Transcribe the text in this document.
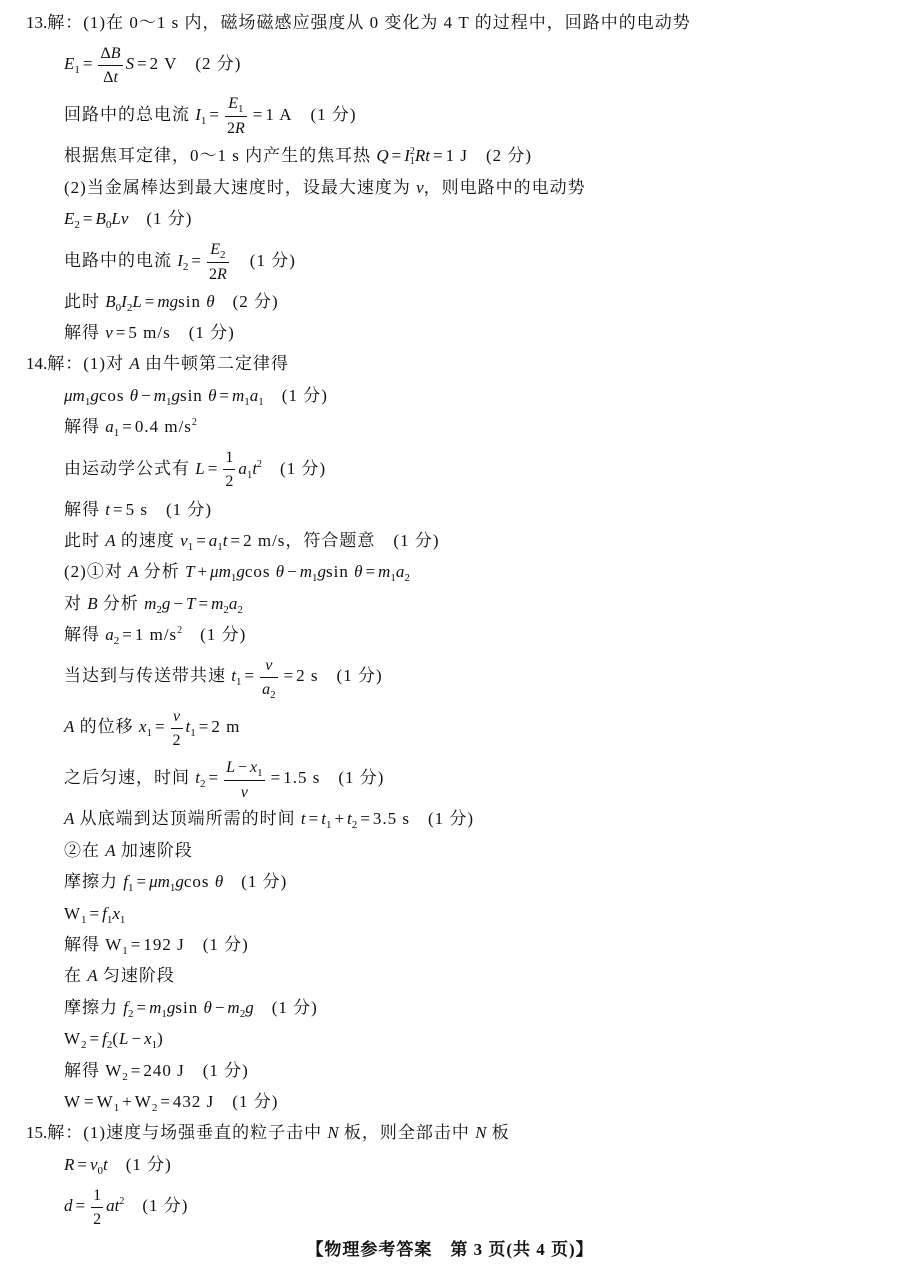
13.解：(1)在 0～1 s 内，磁场磁感应强度从 0 变化为 4 T 的过程中，回路中的电动势
$E_1 = \frac{\Delta B}{\Delta t}$ S = 2 V (2 分)
回路中的总电流 $I_1 = \frac{E_1}{2R} = 1$ A (1 分)
根据焦耳定律，0～1 s 内产生的焦耳热 Q = I 2
1 Rt = 1 J (2 分)
(2)当金属棒达到最大速度时，设最大速度为 v，则电路中的电动势
$E_2 = B_0Lv$ (1 分)
电路中的电流 $I_2 = \frac{E_2}{2R} (1$ 分)
此时 $B_0I_2L = mgsin$ θ (2 分)
解得 v = 5 m/s (1 分)
14.解：(1)对 A 由牛顿第二定律得
$\mu m_1gcos$ $\theta - m_1gsin$ $\theta = m_1a_1$ (1 分)
解得 $a_1 = 0.4$ $m/s^2$
由运动学公式有 $L = \frac{1}{2} a_1t^2$ (1 分)
解得 t = 5 s (1 分)
此时 A 的速度 $v_1 = a_1t = 2$ m/s，符合题意 (1 分)
(2)①对 A 分析 $T + \mu m_1gcos$ $\theta - m_1gsin$ $\theta = m_1a_2$
对 B 分析 $m_2g - T = m_2a_2$
解得 $a_2 = 1$ $m/s^2$ (1 分)
当达到与传送带共速 $t_1 = \frac{v}{a_2} = 2$ s (1 分)
A 的位移 $x_1 = \frac{v}{2} t_1 = 2$ m
之后匀速，时间 $t_2 = \frac{L - x_1}{v} = 1.5$ s (1 分)
A 从底端到达顶端所需的时间 $t = t_1 + t_2 = 3.5$ s (1 分)
②在 A 加速阶段
摩擦力 $f_1 = \mu m_1gcos$ θ (1 分)
$W_1 = f_1x_1$
解得 $W_1 = 192$ J (1 分)
在 A 匀速阶段
摩擦力 $f_2 = m_1gsin$ $\theta - m_2g$ (1 分)
$W_2 = f_2(L - x_1)$
解得 $W_2 = 240$ J (1 分)
$W = W_1 + W_2 = 432$ J (1 分)
15.解：(1)速度与场强垂直的粒子击中 N 板，则全部击中 N 板
$R = v_0t$ (1 分)
$d = \frac{1}{2} at^2$ (1 分)
【物理参考答案　第 3 页(共 4 页)】
